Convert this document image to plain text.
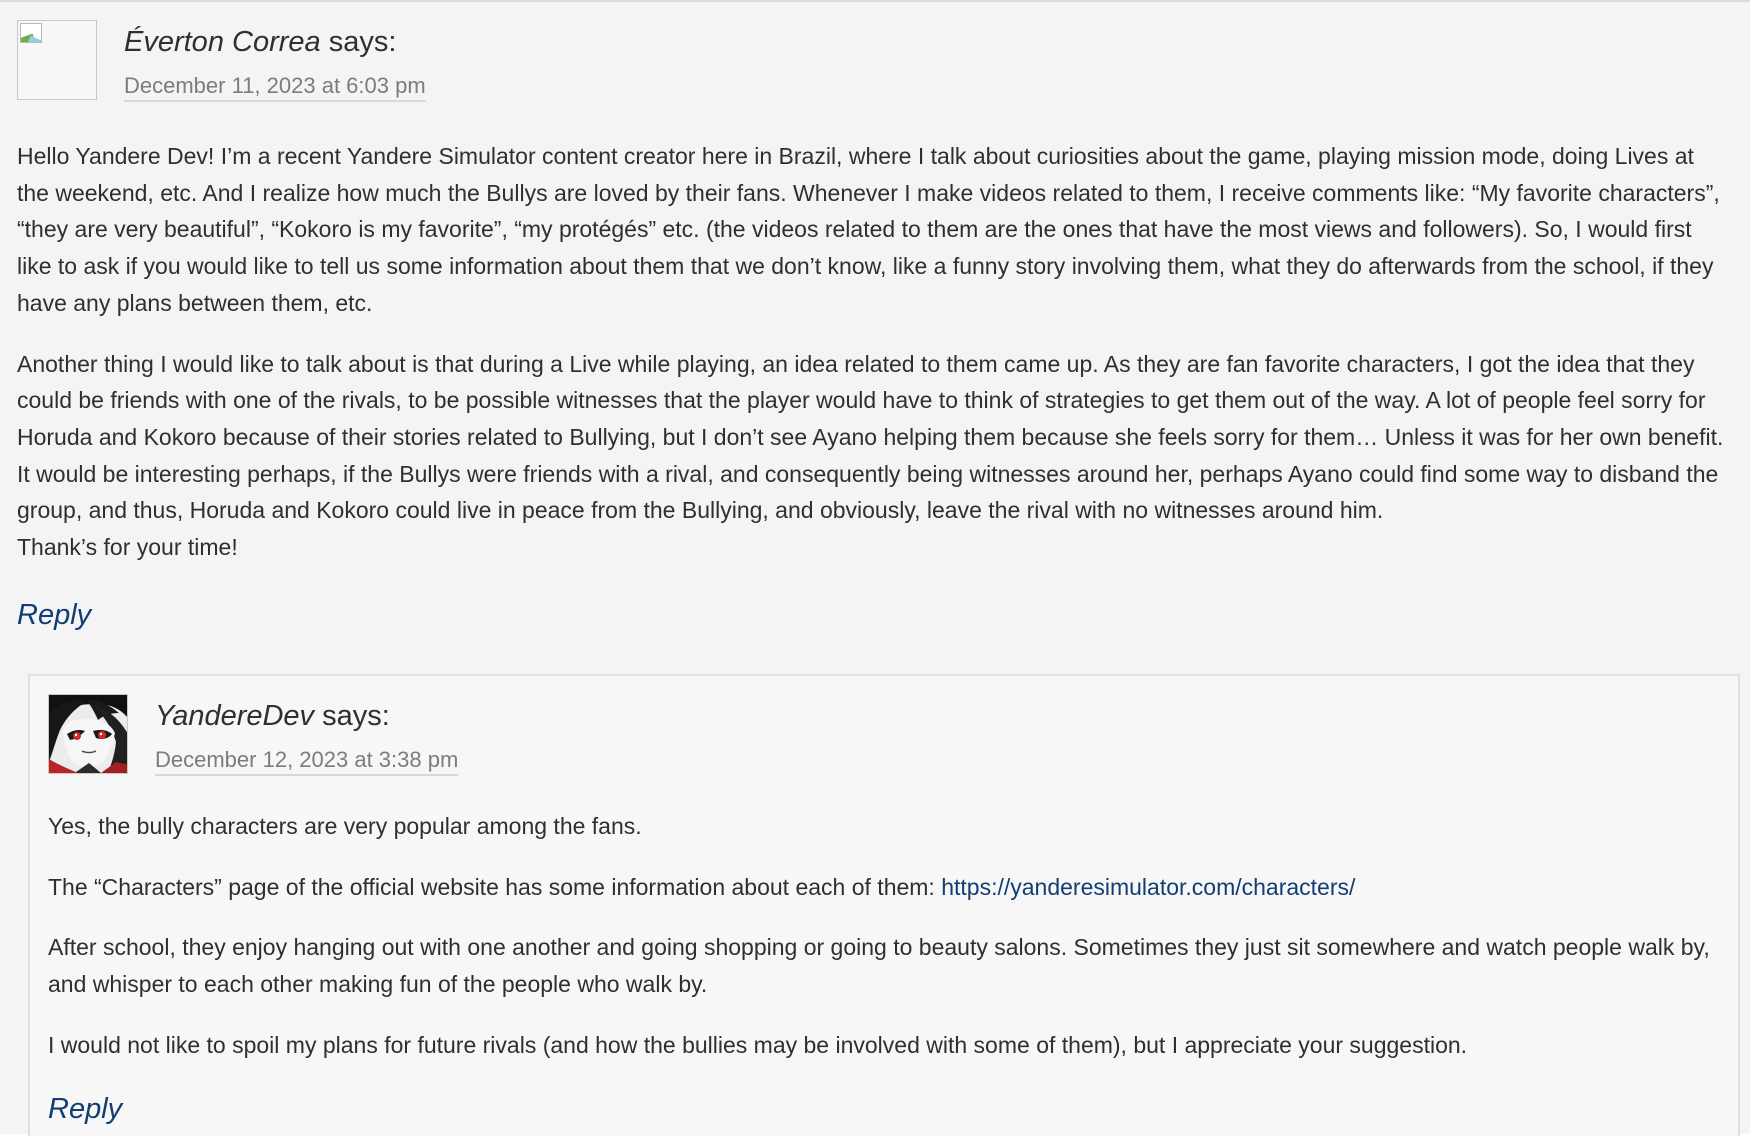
Éverton Correa says:
December 11, 2023 at 6:03 pm

Hello Yandere Dev! I’m a recent Yandere Simulator content creator here in Brazil, where I talk about curiosities about the game, playing mission mode, doing Lives at the weekend, etc. And I realize how much the Bullys are loved by their fans. Whenever I make videos related to them, I receive comments like: “My favorite characters”, “they are very beautiful”, “Kokoro is my favorite”, “my protégés” etc. (the videos related to them are the ones that have the most views and followers). So, I would first like to ask if you would like to tell us some information about them that we don’t know, like a funny story involving them, what they do afterwards from the school, if they have any plans between them, etc.

Another thing I would like to talk about is that during a Live while playing, an idea related to them came up. As they are fan favorite characters, I got the idea that they could be friends with one of the rivals, to be possible witnesses that the player would have to think of strategies to get them out of the way. A lot of people feel sorry for Horuda and Kokoro because of their stories related to Bullying, but I don’t see Ayano helping them because she feels sorry for them… Unless it was for her own benefit. It would be interesting perhaps, if the Bullys were friends with a rival, and consequently being witnesses around her, perhaps Ayano could find some way to disband the group, and thus, Horuda and Kokoro could live in peace from the Bullying, and obviously, leave the rival with no witnesses around him.
Thank’s for your time!

Reply
YandereDev says:
December 12, 2023 at 3:38 pm

Yes, the bully characters are very popular among the fans.

The “Characters” page of the official website has some information about each of them: https://yanderesimulator.com/characters/

After school, they enjoy hanging out with one another and going shopping or going to beauty salons. Sometimes they just sit somewhere and watch people walk by, and whisper to each other making fun of the people who walk by.

I would not like to spoil my plans for future rivals (and how the bullies may be involved with some of them), but I appreciate your suggestion.

Reply
